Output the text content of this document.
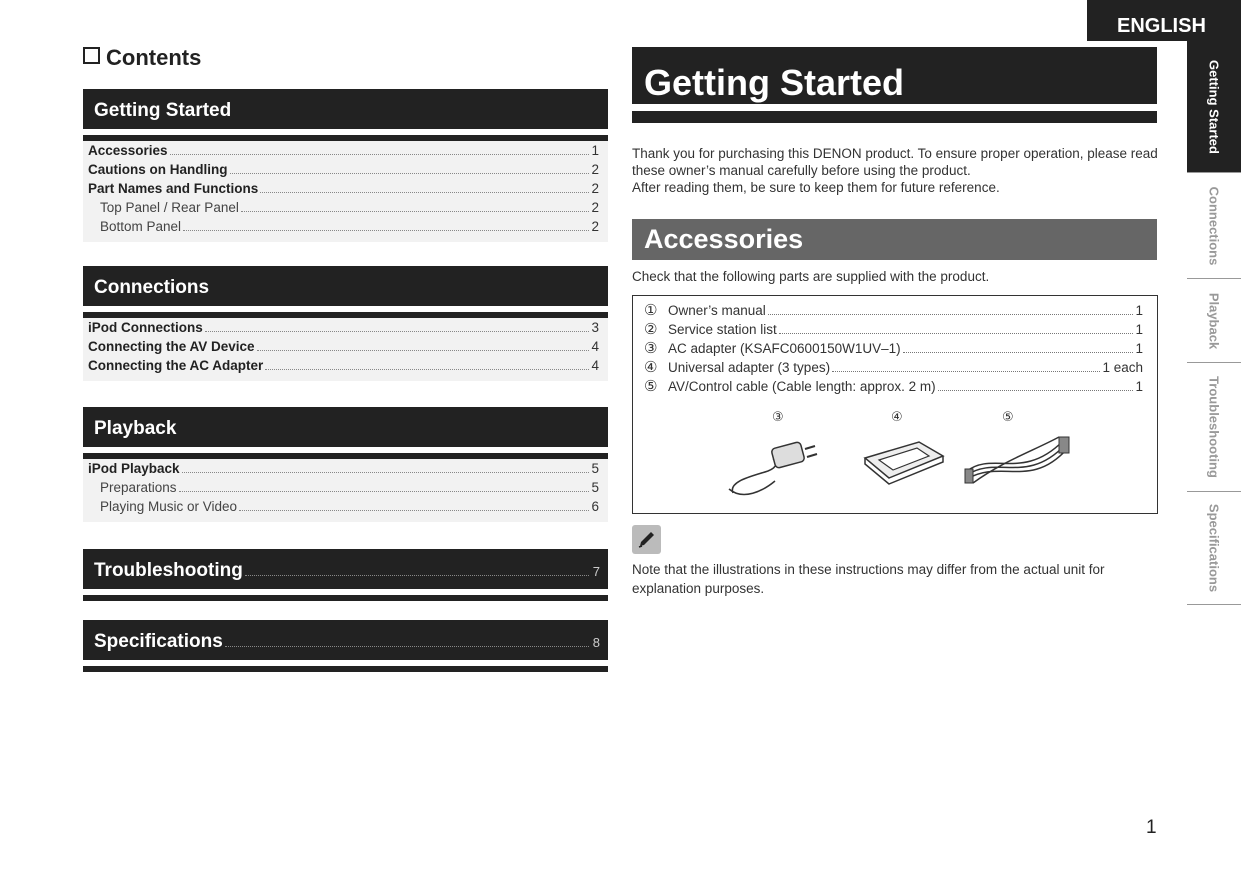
ENGLISH
Contents
Getting Started
Accessories	1
Cautions on Handling	2
Part Names and Functions	2
Top Panel / Rear Panel	2
Bottom Panel	2
Connections
iPod Connections	3
Connecting the AV Device	4
Connecting the AC Adapter	4
Playback
iPod Playback	5
Preparations	5
Playing Music or Video	6
Troubleshooting	7
Specifications	8
Getting Started
Thank you for purchasing this DENON product. To ensure proper operation, please read these owner’s manual carefully before using the product.
After reading them, be sure to keep them for future reference.
Accessories
Check that the following parts are supplied with the product.
① Owner’s manual	1
② Service station list	1
③ AC adapter (KSAFC0600150W1UV–1)	1
④ Universal adapter (3 types)	1 each
⑤ AV/Control cable (Cable length: approx. 2 m)	1
③	④	⑤
Note that the illustrations in these instructions may differ from the actual unit for explanation purposes.
Getting Started
Connections
Playback
Troubleshooting
Specifications
1
